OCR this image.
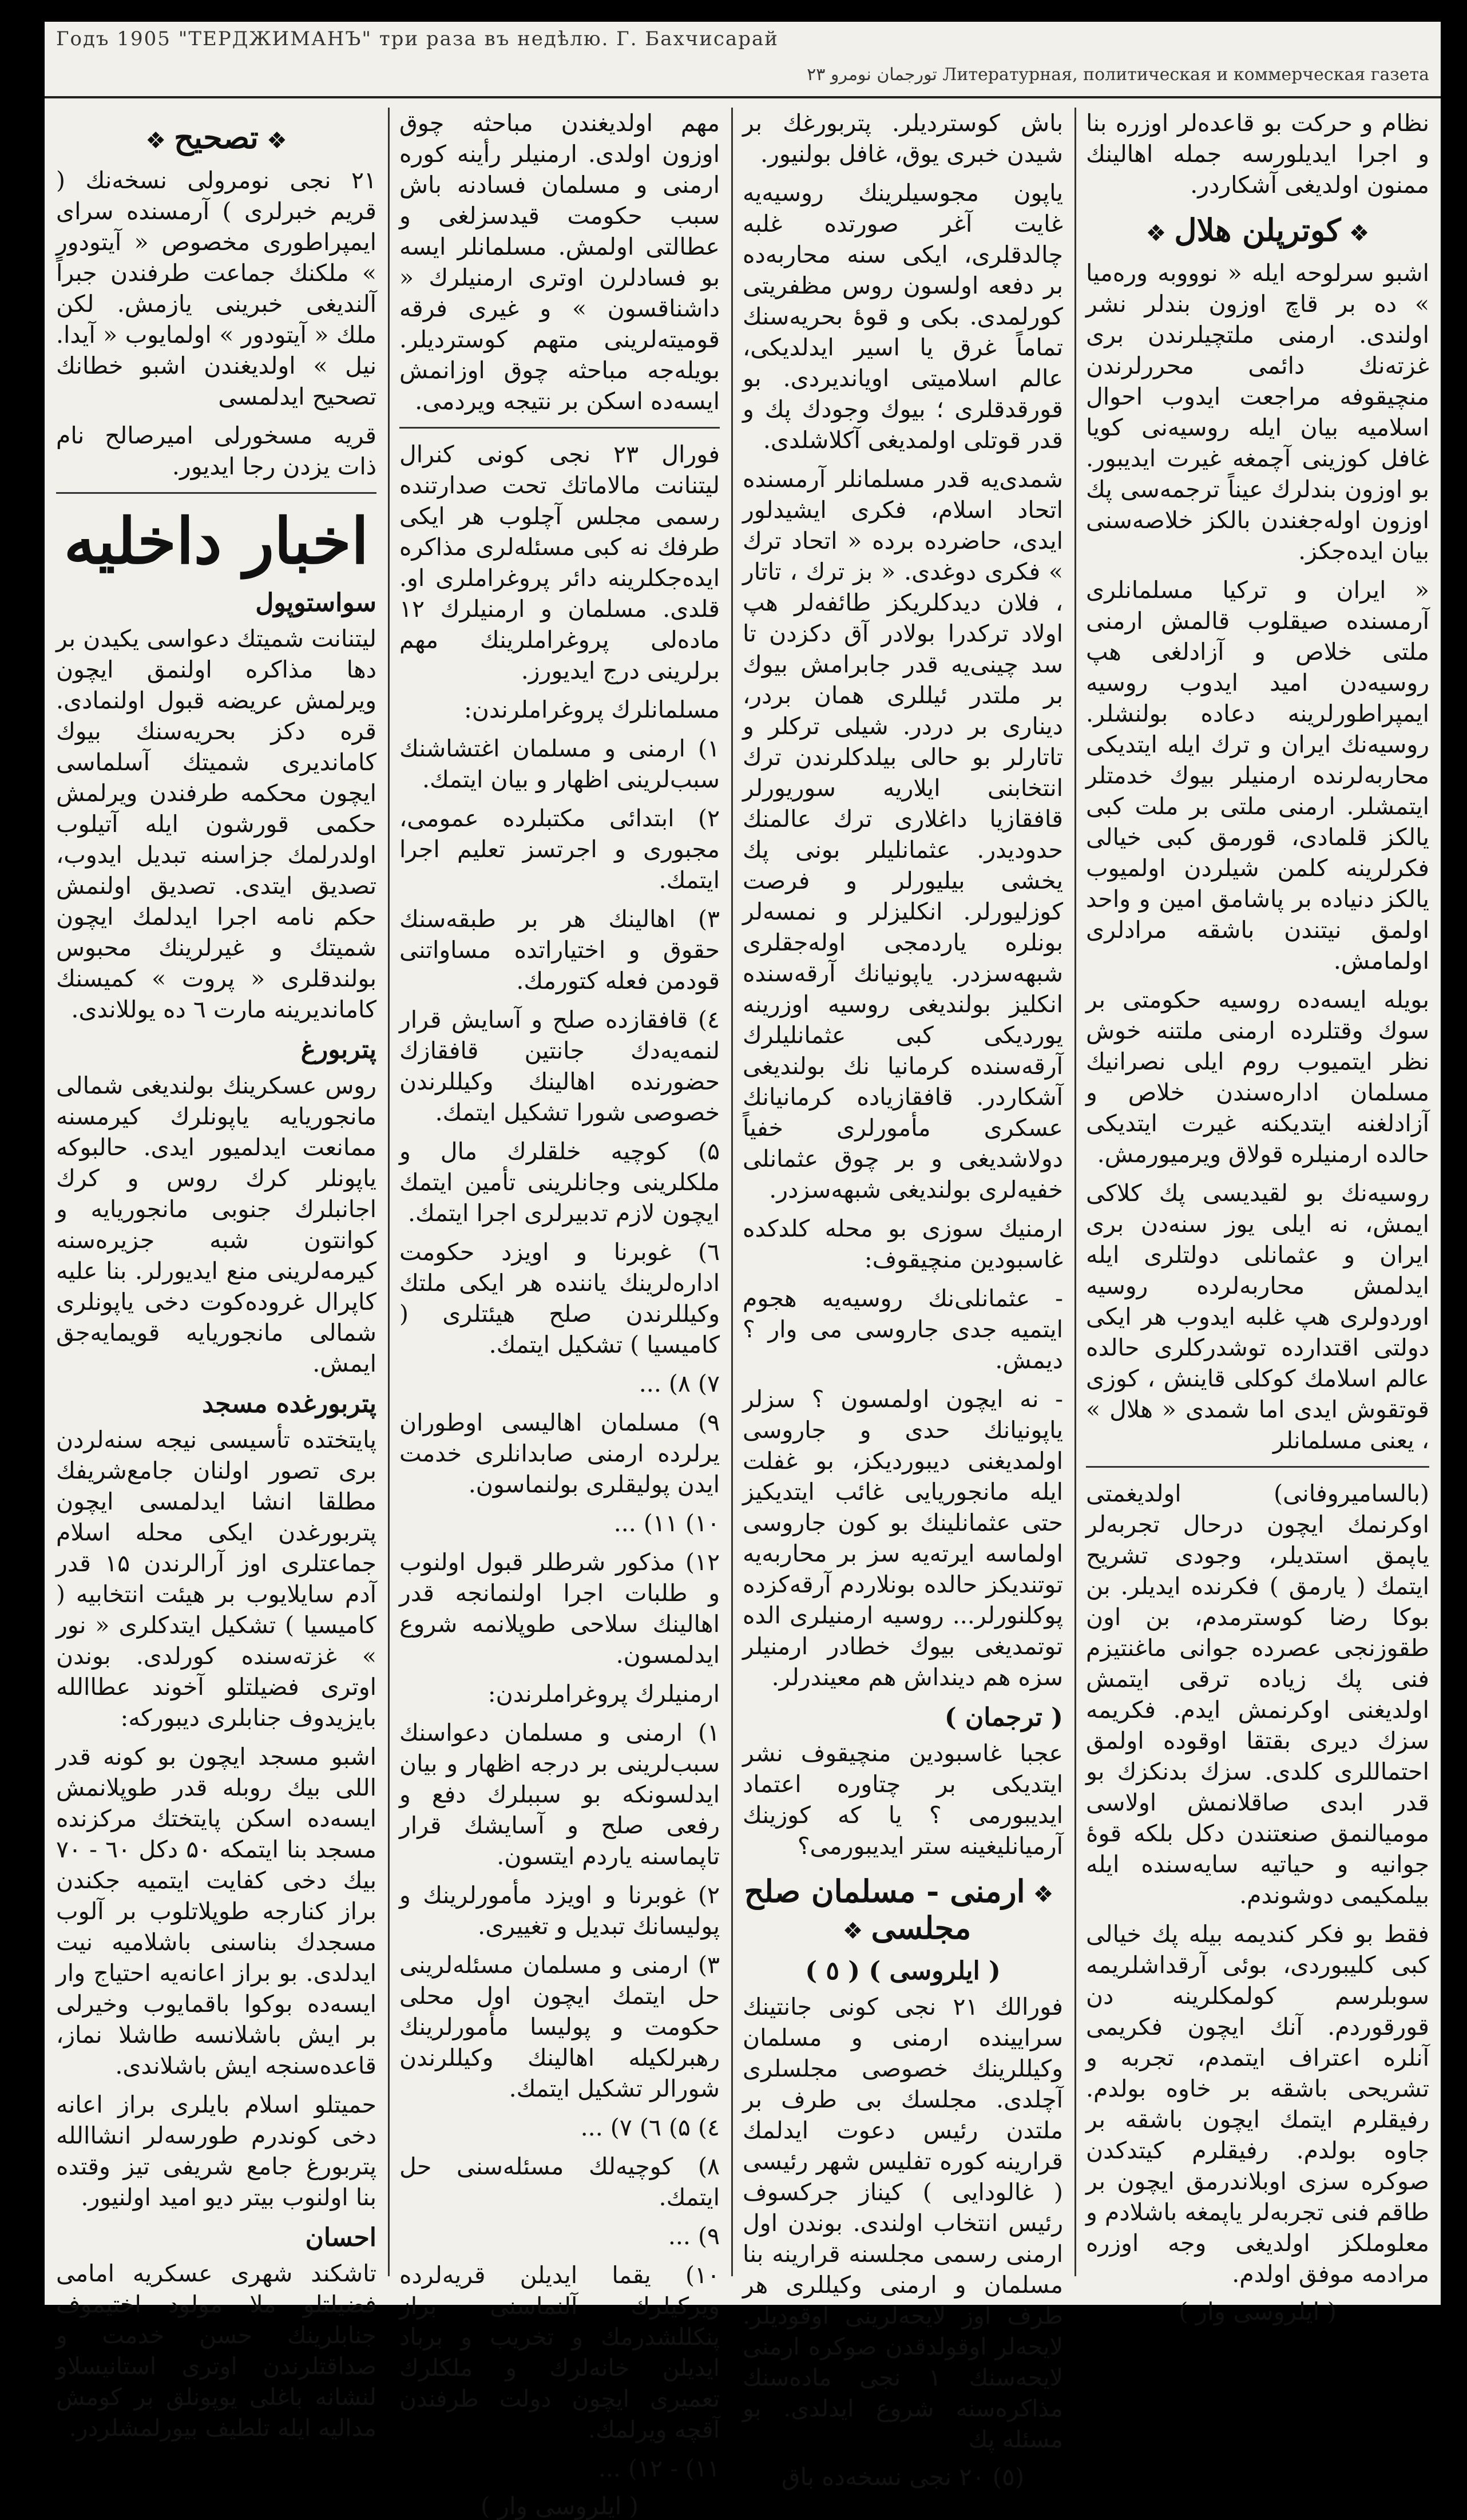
Годъ 1905 "ТЕРДЖИМАНЪ" три раза въ недѣлю. Г. Бахчисарай
Литературная, политическая и коммерческая газета تورجمان نومرو ۲۳
❖تصحیح❖

۲۱ نجی نومرولی نسخه‌نك ( قریم خبرلری ) آرمسنده سرای ایمپراطوری مخصوص « آیتودور » ملکنك جماعت طرفندن جبراً آلندیغی خبرینی یازمش. لکن ملك « آیتودور » اولمایوب « آیدا. نیل » اولدیغندن اشبو خطانك تصحیح ایدلمسی

قریه مسخورلی امیرصالح نام ذات یزدن رجا ایدیور.

اخبار داخلیه
سواستوپول

لیتنانت شمیتك دعواسی یکیدن بر دها مذاکره اولنمق ایچون ویرلمش عریضه قبول اولنمادی. قره دکز بحریه‌سنك بیوك کاماندیری شمیتك آسلماسی ایچون محکمه طرفندن ویرلمش حکمی قورشون ایله آتیلوب اولدرلمك جزاسنه تبدیل ایدوب، تصدیق ایتدی. تصدیق اولنمش حکم نامه اجرا ایدلمك ایچون شمیتك و غیرلرینك محبوس بولندقلری « پروت » کمیسنك کاماندیرینه مارت ٦ ده یوللاندی.

پتربورغ

روس عسکرینك بولندیغی شمالی مانجوریایه یاپونلرك کیرمسنه ممانعت ایدلمیور ایدی. حالبوکه یاپونلر کرك روس و کرك اجانبلرك جنوبی مانجوریایه و کوانتون شبه جزیره‌سنه کیرمه‌لرینی منع ایدیورلر. بنا علیه کاپرال غروده‌کوت دخی یاپونلری شمالی مانجوریایه قویمایه‌جق ایمش.

پتربورغده مسجد

پایتختده تأسیسی نیجه سنه‌لردن بری تصور اولنان جامع‌شریفك مطلقا انشا ایدلمسی ایچون پتربورغدن ایکی محله اسلام جماعتلری اوز آرالرندن ١۵ قدر آدم سایلایوب بر هیئت انتخابیه ( کامیسیا ) تشکیل ایتدکلری « نور » غزته‌سنده کورلدی. بوندن اوتری فضیلتلو آخوند عطاالله بایزیدوف جنابلری دیبورکه:

اشبو مسجد ایچون بو کونه قدر اللی بیك روبله قدر طوپلانمش ایسه‌ده اسکن پایتختك مرکزنده مسجد بنا ایتمکه ۵۰ دکل ٦٠ - ٧٠ بیك دخی کفایت ایتمیه جکندن براز کنارجه طوپلاتلوب بر آلوب مسجدك بناسنی باشلامیه نیت ایدلدی. بو براز اعانه‌یه احتیاج وار ایسه‌ده بوکوا باقمایوب وخیرلی بر ایش باشلانسه طاشلا نماز، قاعده‌سنجه ایش باشلاندی.

حمیتلو اسلام بایلری براز اعانه دخی کوندرم طورسه‌لر انشاالله پتربورغ جامع شریفی تیز وقتده بنا اولنوب بیتر دیو امید اولنیور.

احسان

تاشکند شهری عسکریه امامی فضیلتلو ملا مولود اختیموف جنابلرینك حسن خدمت و صداقتلرندن اوتری استانیسلاو لنشانه باغلی یوپونلق بر کومش مدالیه ایله تلطیف بیورلمشلردر.

مهم اولدیغندن مباحثه چوق اوزون اولدی. ارمنیلر رأینه کوره ارمنی و مسلمان فسادنه باش سبب حکومت قیدسزلغی و عطالتی اولمش. مسلمانلر ایسه بو فسادلرن اوتری ارمنیلرك « داشناقسون » و غیری فرقه قومیته‌لرینی متهم کوستردیلر. بویله‌جه مباحثه چوق اوزانمش ایسه‌ده اسکن بر نتیجه ویردمی.

فورال ٢٣ نجی کونی کنرال لیتنانت مالاماتك تحت صدارتنده رسمی مجلس آچلوب هر ایکی طرفك نه کبی مسئله‌لری مذاکره ایده‌جکلرینه دائر پروغراملری او. قلدی. مسلمان و ارمنیلرك ١٢ ماده‌لی پروغراملرینك مهم برلرینی درج ایدیورز.

مسلمانلرك پروغراملرندن:

١) ارمنی و مسلمان اغتشاشنك سبب‌لرینی اظهار و بیان ایتمك.

٢) ابتدائی مکتبلرده عمومی، مجبوری و اجرتسز تعلیم اجرا ایتمك.

٣) اهالینك هر بر طبقه‌سنك حقوق و اختیاراتده مساواتنی قودمن فعله کتورمك.

٤) قافقازده صلح و آسایش قرار لنمه‌یه‌دك جانتین قافقازك حضورنده اهالینك وکیللرندن خصوصی شورا تشکیل ایتمك.

۵) کوچیه خلقلرك مال و ملکلرینی وجانلرینی تأمین ایتمك ایچون لازم تدبیرلری اجرا ایتمك.

٦) غوبرنا و اویزد حکومت اداره‌لرینك یاننده هر ایکی ملتك وکیللرندن صلح هیئتلری ( کامیسیا ) تشکیل ایتمك.

٧) ٨) ...

٩) مسلمان اهالیسی اوطوران یرلرده ارمنی صابدانلری خدمت ایدن پولیقلری بولنماسون.

١٠) ١١) ...

١٢) مذکور شرطلر قبول اولنوب و طلبات اجرا اولنمانجه قدر اهالینك سلاحی طوپلانمه شروع ایدلمسون.

ارمنیلرك پروغراملرندن:

١) ارمنی و مسلمان دعواسنك سبب‌لرینی بر درجه اظهار و بیان ایدلسونکه بو سببلرك دفع و رفعی صلح و آسایشك قرار تاپماسنه یاردم ایتسون.

٢) غوبرنا و اویزد مأمورلرینك و پولیسانك تبدیل و تغییری.

٣) ارمنی و مسلمان مسئله‌لرینی حل ایتمك ایچون اول محلی حکومت و پولیسا مأمورلرینك رهبرلکیله اهالینك وکیللرندن شورالر تشکیل ایتمك.

٤) ۵) ٦) ٧) ...

٨) کوچیه‌لك مسئله‌سنی حل ایتمك.

٩) ...

١٠) یقما ایدیلن قریه‌لرده ویرکیلرك آلنماسنی براز پنکللشدرمك و تخریب و برباد ایدیلن خانه‌لرك و ملکلرك تعمیری ایچون دولت طرفندن آقچه ویرلمك.

١١) - ١٢) ...

( ایلروسی وار )

باش کوستردیلر. پتربورغك بر شیدن خبری یوق، غافل بولنیور.

یاپون مجوسیلرینك روسیه‌یه غایت آغر صورتده غلبه چالدقلری، ایکی سنه محاربه‌ده بر دفعه اولسون روس مظفریتی کورلمدی. بکی و قوۀ بحریه‌سنك تماماً غرق یا اسیر ایدلدیکی، عالم اسلامیتی اویاندیردی. بو قورقدقلری ؛ بیوك وجودك پك و قدر قوتلی اولمدیغی آکلاشلدی.

شمدی‌یه قدر مسلمانلر آرمسنده اتحاد اسلام، فکری ایشیدلور ایدی، حاضرده برده « اتحاد ترك » فکری دوغدی. « بز ترك ، تاتار ، فلان دیدکلریکز طائفه‌لر هپ اولاد ترکدرا بولادر آق دکزدن تا سد چینی‌یه قدر جابرامش بیوك بر ملتدر ئیللری همان بردر، دیناری بر دردر. شیلی ترکلر و تاتارلر بو حالی بیلدکلرندن ترك انتخابنی ایلاریه‌ سوریورلر قافقازیا داغلاری ترك عالمنك حدودیدر. عثمانلیلر بونی پك یخشی بیلیورلر و فرصت کوزلیورلر. انکلیزلر و نمسه‌لر بونلره یاردمجی اوله‌جقلری شبهه‌سزدر. یاپونیانك آرقه‌سنده انکلیز بولندیغی روسیه اوزرینه یوردیکی کبی عثمانلیلرك آرقه‌سنده کرمانیا نك بولندیغی آشکاردر. قافقازیاده کرمانیانك عسکری مأمورلری خفیاً دولاشدیغی و بر چوق عثمانلی خفیه‌لری بولندیغی شبهه‌سزدر.

ارمنیك سوزی بو محله کلدکده غاسبودین منچیقوف:

- عثمانلی‌نك روسیه‌یه هجوم ایتمیه جدی جاروسی می وار ؟ دیمش.

- نه ایچون اولمسون ؟ سزلر یاپونیانك حدی و جاروسی اولمدیغنی دیبوردیکز، بو غفلت ایله مانجوریایی غائب ایتدیکیز حتی عثمانلینك بو کون جاروسی اولماسه ایرته‌یه سز بر محاربه‌یه توتندیکز حالده بونلاردم آرقه‌کزده پوکلنورلر... روسیه ارمنیلری الده توتمدیغی بیوك خطادر ارمنیلر سزه هم دینداش هم معیندرلر.

( ترجمان )

عجبا غاسبودین منچیقوف نشر ایتدیکی بر چتاوره اعتماد ایدیبورمی ؟ یا که کوزینك آرمیانلیغینه ستر ایدیبورمی؟

❖ارمنی - مسلمان صلح مجلسی❖
( ایلروسی ) ( ٥ )

فورالك ٢١ نجی کونی جانتینك سرایینده ارمنی و مسلمان وکیللرینك خصوصی مجلسلری آچلدی. مجلسك بی طرف بر ملتدن رئیس دعوت ایدلمك قرارینه کوره تفلیس شهر رئیسی ( غالودایی ) کیناز جرکسوف رئیس انتخاب اولندی. بوندن اول ارمنی رسمی مجلسنه قرارینه بنا مسلمان و ارمنی وکیللری هر طرف اوز لایحه‌لرینی اوقودیلر. لایحه‌لر اوقولدقدن صوکره ارمنی لایحه‌سنك ١ نجی ماده‌سنك مذاکره‌سنه شروع ایدلدی. بو مسئله پك

(٥) ٢٠ نجی نسخه‌ده باق

نظام و حرکت بو قاعده‌لر اوزره بنا و اجرا ایدیلورسه جمله اهالینك ممنون اولدیغی آشکاردر.

❖کوترپلن هلال❖

اشبو سرلوحه ایله « نوووبه وره‌میا » ده بر قاچ اوزون بندلر نشر اولندی. ارمنی ملتچیلرندن بری غزته‌نك دائمی محررلرندن منچیقوفه مراجعت ایدوب احوال اسلامیه بیان ایله روسیه‌نی کویا غافل کوزینی آچمغه غیرت ایدیبور. بو اوزون بندلرك عیناً ترجمه‌سی پك اوزون اوله‌جغندن بالکز خلاصه‌سنی بیان ایده‌جکز.

« ایران و ترکیا مسلمانلری آرمسنده صیقلوب قالمش ارمنی ملتی خلاص و آزادلغی هپ روسیه‌دن امید ایدوب روسیه ایمپراطورلرینه دعاده بولنشلر. روسیه‌نك ایران و ترك ایله ایتدیکی محاربه‌لرنده ارمنیلر بیوك خدمتلر ایتمشلر. ارمنی ملتی بر ملت کبی یالکز قلمادی، قورمق کبی خیالی فکرلرینه کلمن شیلردن اولمیوب یالکز دنیاده بر پاشامق امین و واحد اولمق نیتندن باشقه مرادلری اولمامش.

بویله ایسه‌ده روسیه حکومتی بر سوك وقتلرده ارمنی ملتنه خوش نظر ایتمیوب روم ایلی نصرانیك مسلمان اداره‌سندن خلاص و آزادلغنه ایتدیکنه غیرت ایتدیکی حالده ارمنیلره قولاق ویرمیورمش.

روسیه‌نك بو لقیدیسی پك کلاکی ایمش، نه ایلی یوز سنه‌دن بری ایران و عثمانلی دولتلری ایله ایدلمش محاربه‌لرده روسیه اوردولری هپ غلبه ایدوب هر ایکی دولتی اقتدارده توشدرکلری حالده عالم اسلامك کوکلی قاینش ، کوزی قوتقوش ایدی اما شمدی « هلال » ، یعنی مسلمانلر

(بالسامیروفانی) اولدیغمتی اوکرنمك ایچون درحال تجربه‌لر یاپمق استدیلر، وجودی تشریح ایتمك ( یارمق ) فکرنده ایدیلر. بن بوکا رضا کوسترمدم، بن اون طقوزنجی عصرده جوانی ماغنتیزم فنی پك زیاده ترقی ایتمش اولدیغنی اوکرنمش ایدم. فکریمه سزك دیری بقتقا اوقوده اولمق احتماللری کلدی. سزك بدنکزك بو قدر ابدی صاقلانمش اولاسی موميالنمق صنعتندن دکل بلکه قوۀ جوانیه و حیاتیه سایه‌سنده ایله بیلمکیمی دوشوندم.

فقط بو فکر کندیمه بیله پك خیالی کبی کلیبوردی، بوئی آرقداشلریمه سوبلرسم کولمکلرینه دن قورقوردم. آنك ایچون فکریمی آنلره اعتراف ایتمدم، تجربه و تشریحی باشقه بر خاوه بولدم. رفیقلرم ایتمك ایچون باشقه بر جاوه بولدم. رفیقلرم کیتدکدن صوکره سزی اوبلاندرمق ایچون بر طاقم فنی تجربه‌لر یاپمغه باشلادم و معلوملکز اولدیغی وجه اوزره مرادمه موفق اولدم.

( ایلروسی وار )
